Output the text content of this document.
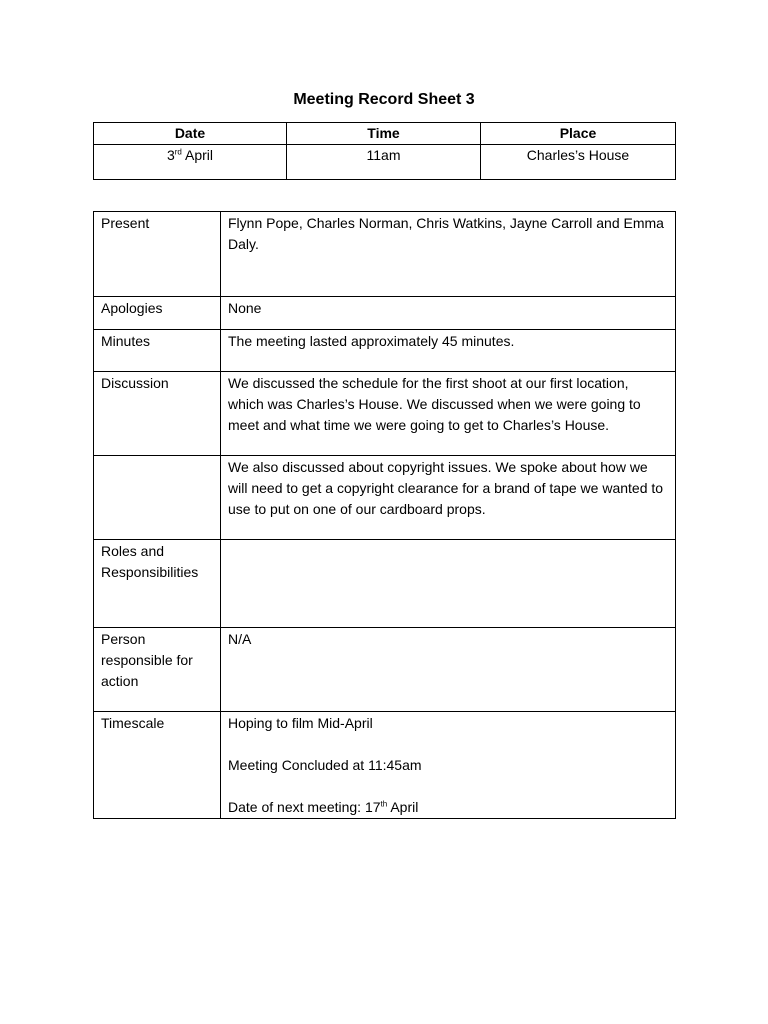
Meeting Record Sheet 3
Date	Time	Place
3rd April	11am	Charles’s House
Present	Flynn Pope, Charles Norman, Chris Watkins, Jayne Carroll and Emma Daly.
Apologies	None
Minutes	The meeting lasted approximately 45 minutes.
Discussion	We discussed the schedule for the first shoot at our first location, which was Charles’s House. We discussed when we were going to meet and what time we were going to get to Charles’s House.
	We also discussed about copyright issues. We spoke about how we will need to get a copyright clearance for a brand of tape we wanted to use to put on one of our cardboard props.
Roles and Responsibilities	
Person responsible for action	N/A
Timescale	Hoping to film Mid-April
Meeting Concluded at 11:45am
Date of next meeting: 17th April
